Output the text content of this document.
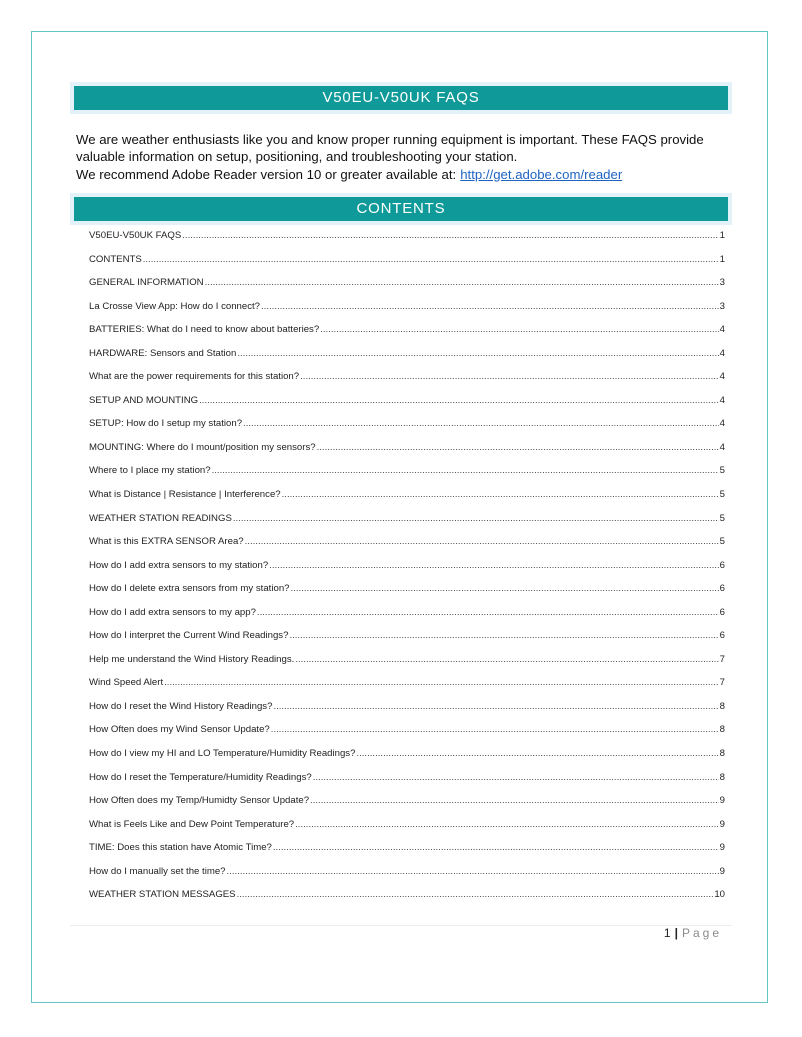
V50EU-V50UK FAQS

We are weather enthusiasts like you and know proper running equipment is important. These FAQS provide

valuable information on setup, positioning, and troubleshooting your station.

We recommend Adobe Reader version 10 or greater available at: http://get.adobe.com/reader

CONTENTS
V50EU-V50UK FAQS .....	1
CONTENTS .....	1
GENERAL INFORMATION .....	3
La Crosse View App: How do I connect? .....	3
BATTERIES: What do I need to know about batteries? .....	4
HARDWARE: Sensors and Station .....	4
What are the power requirements for this station? .....	4
SETUP AND MOUNTING .....	4
SETUP: How do I setup my station? .....	4
MOUNTING: Where do I mount/position my sensors? .....	4
Where to I place my station? .....	5
What is Distance | Resistance | Interference? .....	5
WEATHER STATION READINGS .....	5
What is this EXTRA SENSOR Area? .....	5
How do I add extra sensors to my station? .....	6
How do I delete extra sensors from my station? .....	6
How do I add extra sensors to my app? .....	6
How do I interpret the Current Wind Readings? .....	6
Help me understand the Wind History Readings. .....	7
Wind Speed Alert .....	7
How do I reset the Wind History Readings? .....	8
How Often does my Wind Sensor Update? .....	8
How do I view my HI and LO Temperature/Humidity Readings? .....	8
How do I reset the Temperature/Humidity Readings? .....	8
How Often does my Temp/Humidty Sensor Update? .....	9
What is Feels Like and Dew Point Temperature? .....	9
TIME: Does this station have Atomic Time? .....	9
How do I manually set the time? .....	9
WEATHER STATION MESSAGES .....	10
1 | Page
